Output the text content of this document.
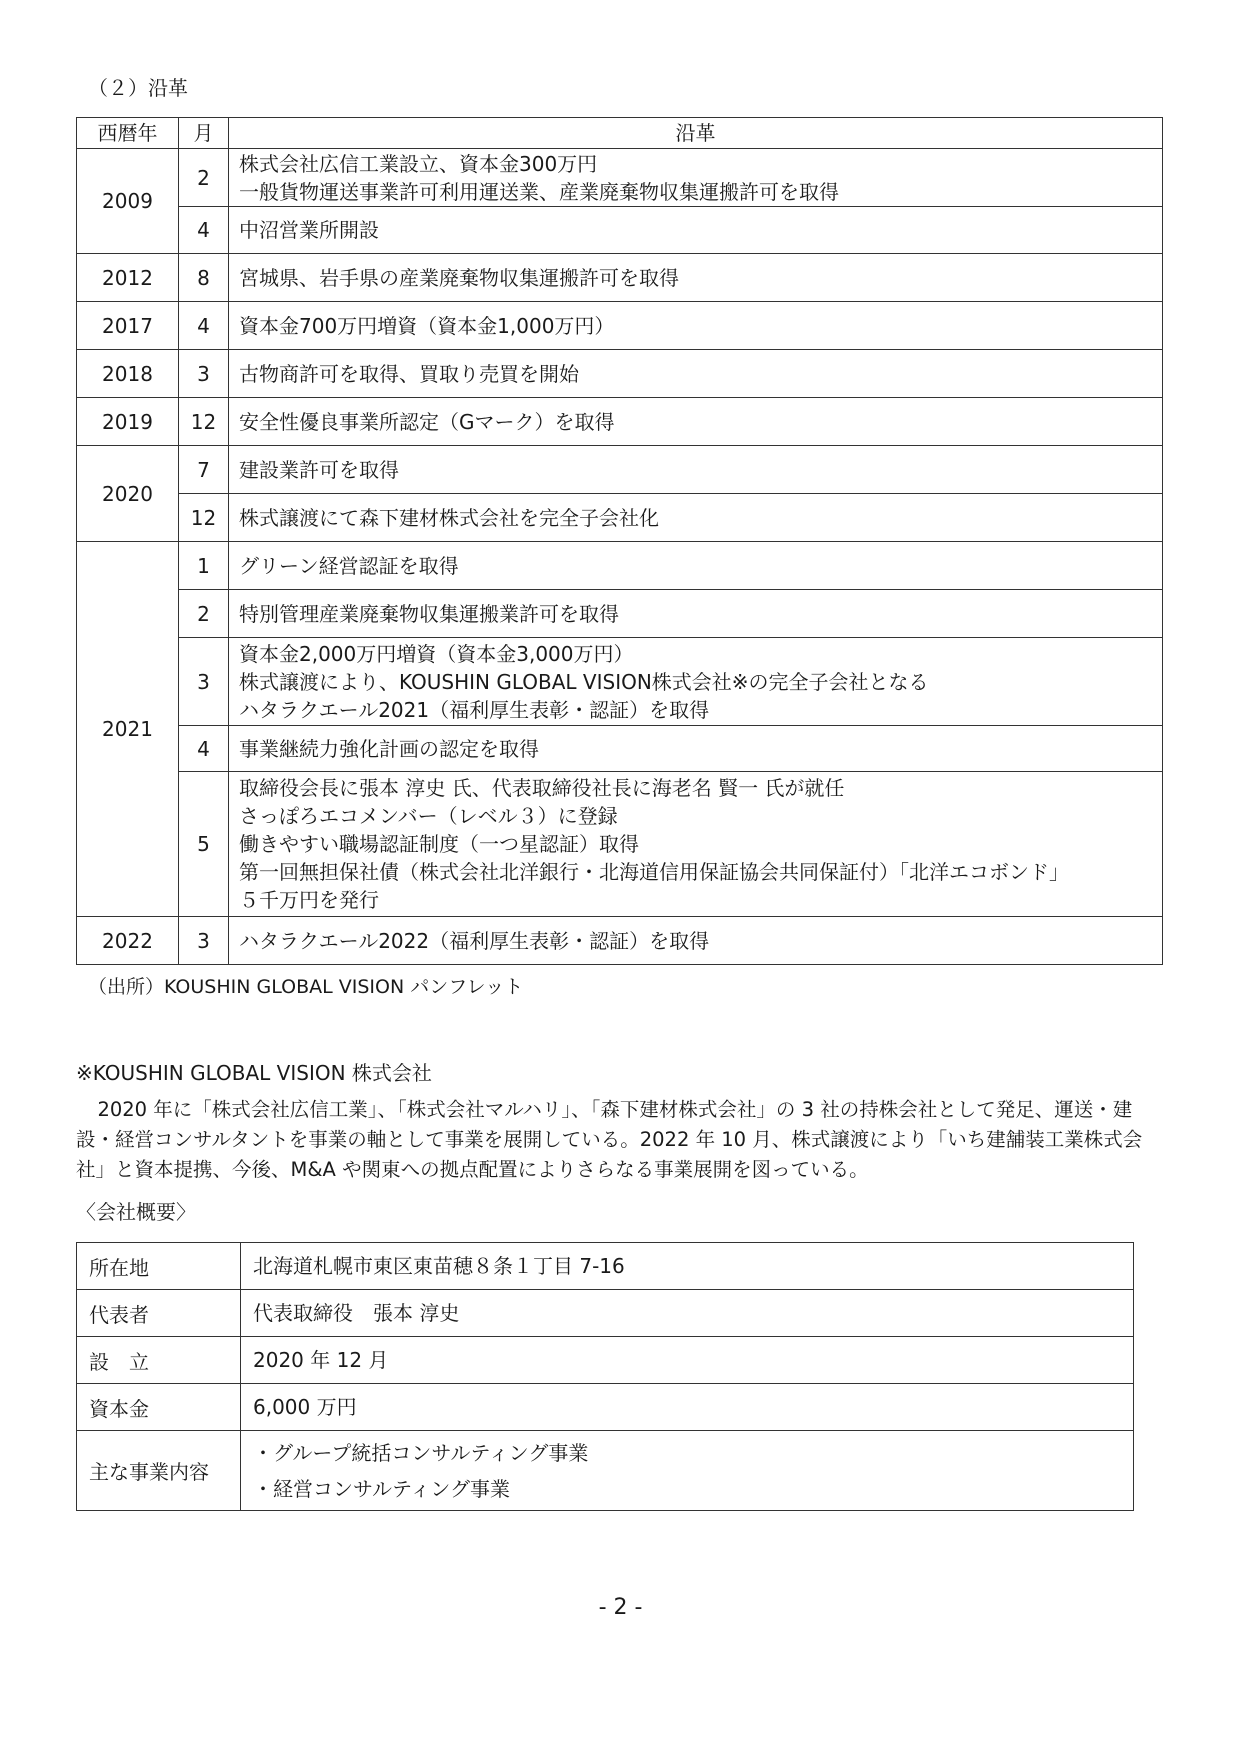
（２）沿革
西暦年	月	沿革
2009	2	株式会社広信工業設立、資本金300万円
一般貨物運送事業許可利用運送業、産業廃棄物収集運搬許可を取得

	4	中沼営業所開設

2012	8	宮城県、岩手県の産業廃棄物収集運搬許可を取得

2017	4	資本金700万円増資（資本金1,000万円）

2018	3	古物商許可を取得、買取り売買を開始

2019	12	安全性優良事業所認定（Gマーク）を取得

2020	7	建設業許可を取得

	12	株式譲渡にて森下建材株式会社を完全子会社化

2021	1	グリーン経営認証を取得

	2	特別管理産業廃棄物収集運搬業許可を取得

	3	資本金2,000万円増資（資本金3,000万円）
株式譲渡により、KOUSHIN GLOBAL VISION株式会社※の完全子会社となる
ハタラクエール2021（福利厚生表彰・認証）を取得

	4	事業継続力強化計画の認定を取得

	5	取締役会長に張本 淳史 氏、代表取締役社長に海老名 賢一 氏が就任
さっぽろエコメンバー（レベル３）に登録
働きやすい職場認証制度（一つ星認証）取得
第一回無担保社債（株式会社北洋銀行・北海道信用保証協会共同保証付）「北洋エコボンド」
５千万円を発行

2022	3	ハタラクエール2022（福利厚生表彰・認証）を取得
（出所）KOUSHIN GLOBAL VISION パンフレット
※KOUSHIN GLOBAL VISION 株式会社
2020 年に「株式会社広信工業」、「株式会社マルハリ」、「森下建材株式会社」の 3 社の持株会社として発足、運送・建設・経営コンサルタントを事業の軸として事業を展開している。2022 年 10 月、株式譲渡により「いち建舗装工業株式会社」と資本提携、今後、M&A や関東への拠点配置によりさらなる事業展開を図っている。
〈会社概要〉
所在地	北海道札幌市東区東苗穂８条１丁目 7-16

代表者	代表取締役　張本 淳史

設　立	2020 年 12 月

資本金	6,000 万円

主な事業内容	・グループ統括コンサルティング事業
・経営コンサルティング事業
- 2 -
